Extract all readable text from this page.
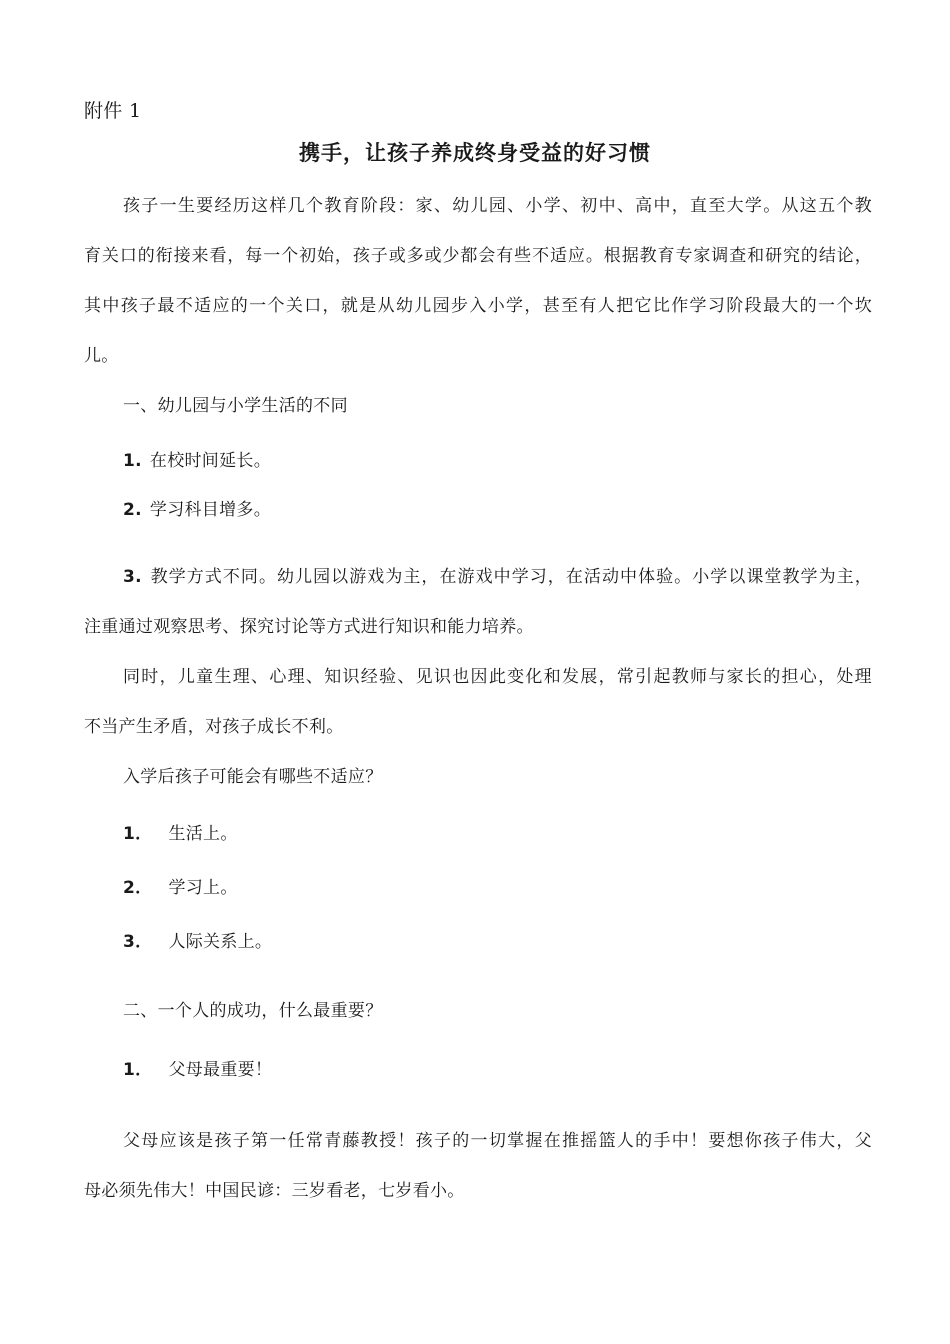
附件 1

携手，让孩子养成终身受益的好习惯

孩子一生要经历这样几个教育阶段：家、幼儿园、小学、初中、高中，直至大学。从这五个教

育关口的衔接来看，每一个初始，孩子或多或少都会有些不适应。根据教育专家调查和研究的结论，

其中孩子最不适应的一个关口，就是从幼儿园步入小学，甚至有人把它比作学习阶段最大的一个坎

儿。

一、幼儿园与小学生活的不同

1. 在校时间延长。

2. 学习科目增多。

3. 教学方式不同。幼儿园以游戏为主，在游戏中学习，在活动中体验。小学以课堂教学为主，

注重通过观察思考、探究讨论等方式进行知识和能力培养。

同时，儿童生理、心理、知识经验、见识也因此变化和发展，常引起教师与家长的担心，处理

不当产生矛盾，对孩子成长不利。

入学后孩子可能会有哪些不适应？

1． 生活上。

2． 学习上。

3． 人际关系上。

二、一个人的成功，什么最重要？

1． 父母最重要！

父母应该是孩子第一任常青藤教授！孩子的一切掌握在推摇篮人的手中！要想你孩子伟大，父

母必须先伟大！中国民谚：三岁看老，七岁看小。
